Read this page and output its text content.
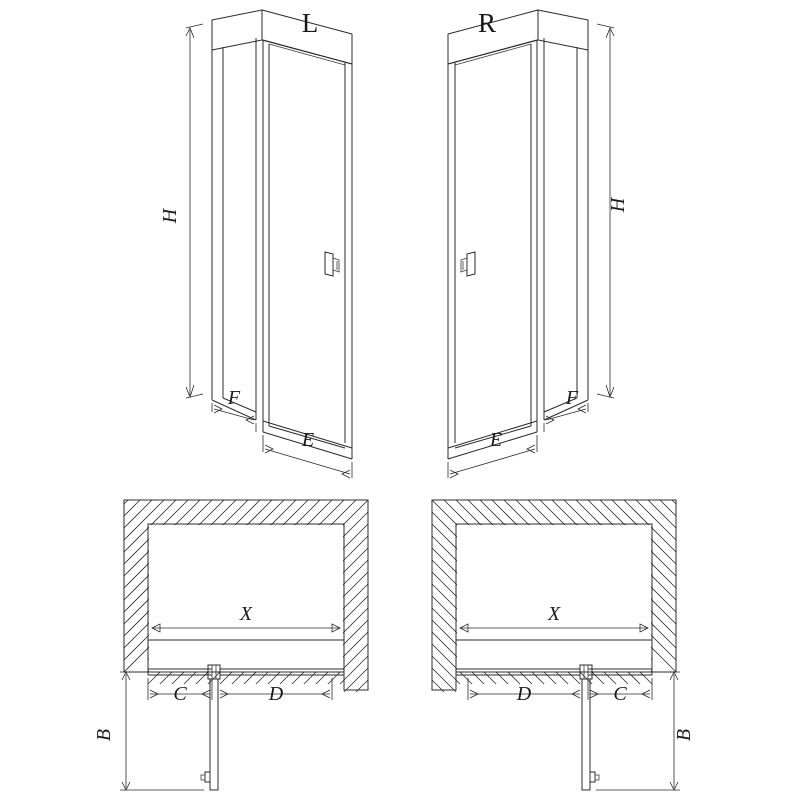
H
F
E
L
H
F
E
R
X
C	D
B
X
D	C
B
